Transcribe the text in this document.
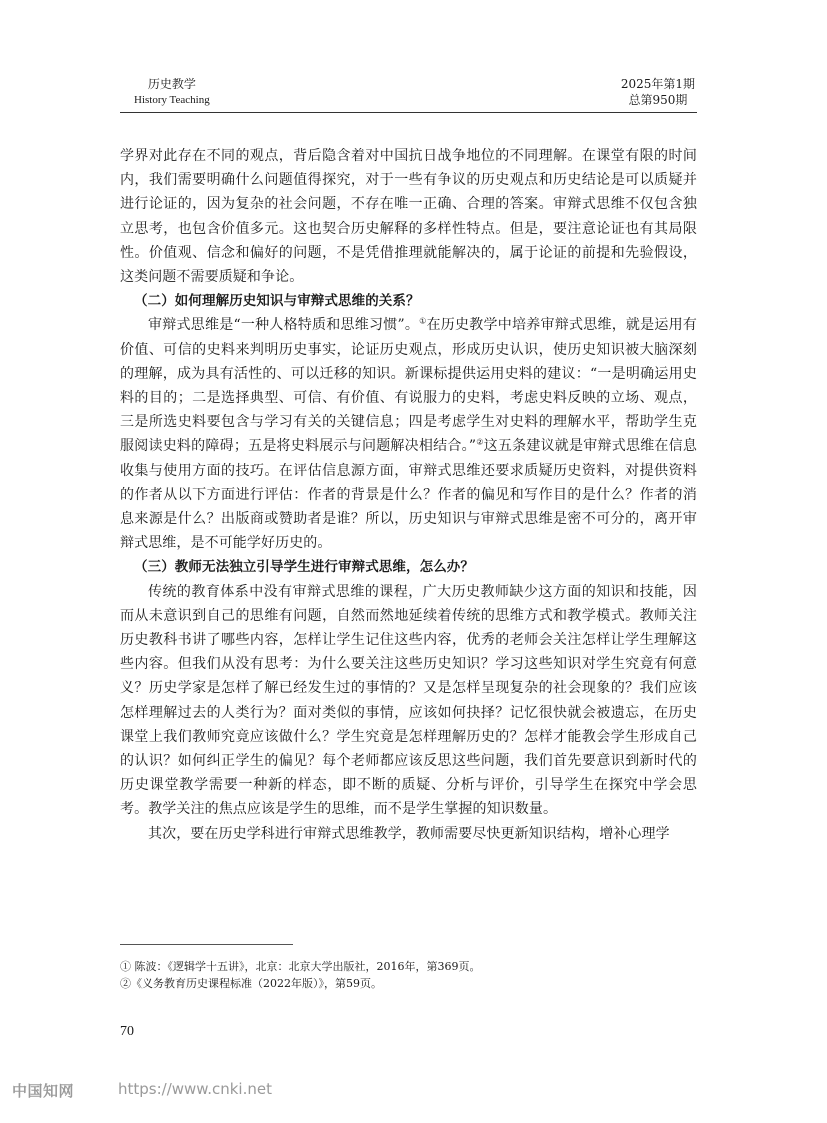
历史教学
History Teaching
2025年第1期
总第950期

学界对此存在不同的观点，背后隐含着对中国抗日战争地位的不同理解。在课堂有限的时间内，我们需要明确什么问题值得探究，对于一些有争议的历史观点和历史结论是可以质疑并进行论证的，因为复杂的社会问题，不存在唯一正确、合理的答案。审辩式思维不仅包含独立思考，也包含价值多元。这也契合历史解释的多样性特点。但是，要注意论证也有其局限性。价值观、信念和偏好的问题，不是凭借推理就能解决的，属于论证的前提和先验假设，这类问题不需要质疑和争论。

（二）如何理解历史知识与审辩式思维的关系？

审辩式思维是“一种人格特质和思维习惯”。①在历史教学中培养审辩式思维，就是运用有价值、可信的史料来判明历史事实，论证历史观点，形成历史认识，使历史知识被大脑深刻的理解，成为具有活性的、可以迁移的知识。新课标提供运用史料的建议：“一是明确运用史料的目的；二是选择典型、可信、有价值、有说服力的史料，考虑史料反映的立场、观点，三是所选史料要包含与学习有关的关键信息；四是考虑学生对史料的理解水平，帮助学生克服阅读史料的障碍；五是将史料展示与问题解决相结合。”②这五条建议就是审辩式思维在信息收集与使用方面的技巧。在评估信息源方面，审辩式思维还要求质疑历史资料，对提供资料的作者从以下方面进行评估：作者的背景是什么？作者的偏见和写作目的是什么？作者的消息来源是什么？出版商或赞助者是谁？所以，历史知识与审辩式思维是密不可分的，离开审辩式思维，是不可能学好历史的。

（三）教师无法独立引导学生进行审辩式思维，怎么办？

传统的教育体系中没有审辩式思维的课程，广大历史教师缺少这方面的知识和技能，因而从未意识到自己的思维有问题，自然而然地延续着传统的思维方式和教学模式。教师关注历史教科书讲了哪些内容，怎样让学生记住这些内容，优秀的老师会关注怎样让学生理解这些内容。但我们从没有思考：为什么要关注这些历史知识？学习这些知识对学生究竟有何意义？历史学家是怎样了解已经发生过的事情的？又是怎样呈现复杂的社会现象的？我们应该怎样理解过去的人类行为？面对类似的事情，应该如何抉择？记忆很快就会被遗忘，在历史课堂上我们教师究竟应该做什么？学生究竟是怎样理解历史的？怎样才能教会学生形成自己的认识？如何纠正学生的偏见？每个老师都应该反思这些问题，我们首先要意识到新时代的历史课堂教学需要一种新的样态，即不断的质疑、分析与评价，引导学生在探究中学会思考。教学关注的焦点应该是学生的思维，而不是学生掌握的知识数量。

其次，要在历史学科进行审辩式思维教学，教师需要尽快更新知识结构，增补心理学

① 陈波：《逻辑学十五讲》，北京：北京大学出版社，2016年，第369页。
②《义务教育历史课程标准（2022年版）》，第59页。
70
中国知网	https://www.cnki.net
